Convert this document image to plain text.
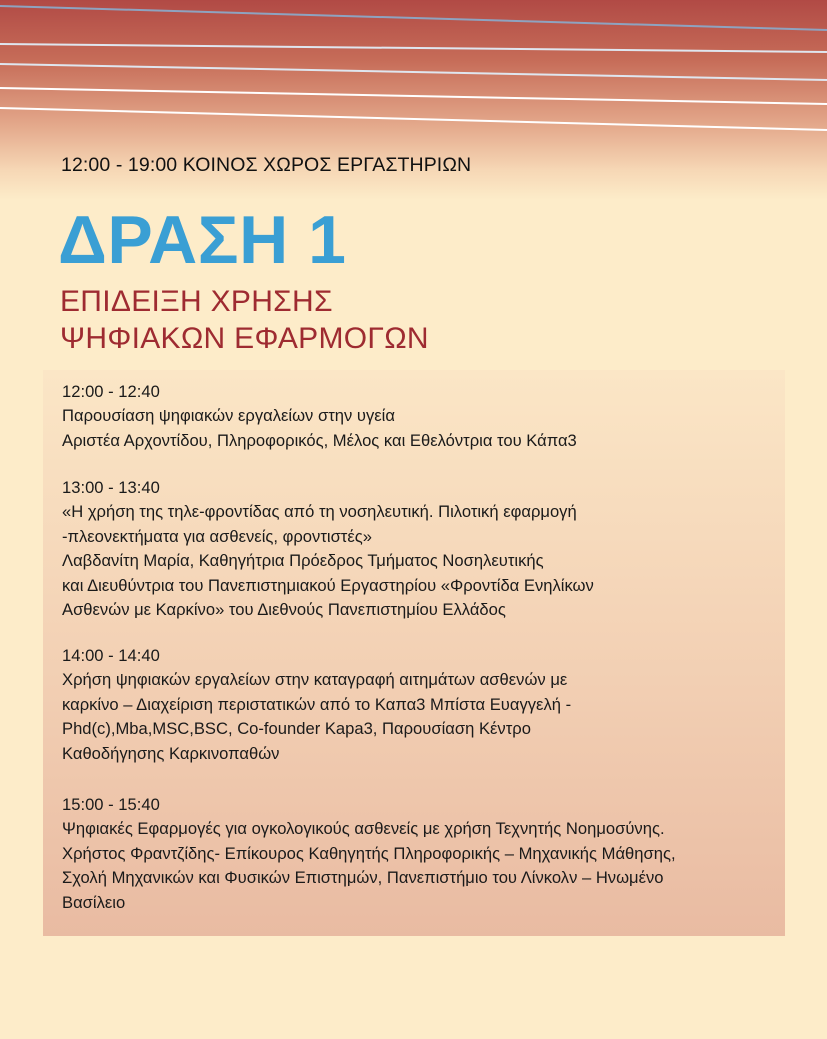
12:00 - 19:00 ΚΟΙΝΟΣ ΧΩΡΟΣ ΕΡΓΑΣΤΗΡΙΩΝ
ΔΡΑΣΗ 1
ΕΠΙΔΕΙΞΗ ΧΡΗΣΗΣ
ΨΗΦΙΑΚΩΝ ΕΦΑΡΜΟΓΩΝ
12:00 - 12:40
Παρουσίαση ψηφιακών εργαλείων στην υγεία
Αριστέα Αρχοντίδου, Πληροφορικός, Μέλος και Εθελόντρια του Κάπα3
13:00 - 13:40
«Η χρήση της τηλε-φροντίδας από τη νοσηλευτική. Πιλοτική εφαρμογή
-πλεονεκτήματα για ασθενείς, φροντιστές»
Λαβδανίτη Μαρία, Καθηγήτρια Πρόεδρος Τμήματος Νοσηλευτικής
και Διευθύντρια του Πανεπιστημιακού Εργαστηρίου «Φροντίδα Ενηλίκων
Ασθενών με Καρκίνο» του Διεθνούς Πανεπιστημίου Ελλάδος
14:00 - 14:40
Χρήση ψηφιακών εργαλείων στην καταγραφή αιτημάτων ασθενών με
καρκίνο – Διαχείριση περιστατικών από το Καπα3 Μπίστα Ευαγγελή -
Phd(c),Mba,MSC,BSC, Co-founder Kapa3, Παρουσίαση Κέντρο
Καθοδήγησης Καρκινοπαθών
15:00 - 15:40
Ψηφιακές Εφαρμογές για ογκολογικούς ασθενείς με χρήση Τεχνητής Νοημοσύνης.
Χρήστος Φραντζίδης- Επίκουρος Καθηγητής Πληροφορικής – Μηχανικής Μάθησης,
Σχολή Μηχανικών και Φυσικών Επιστημών, Πανεπιστήμιο του Λίνκολν – Ηνωμένο
Βασίλειο
